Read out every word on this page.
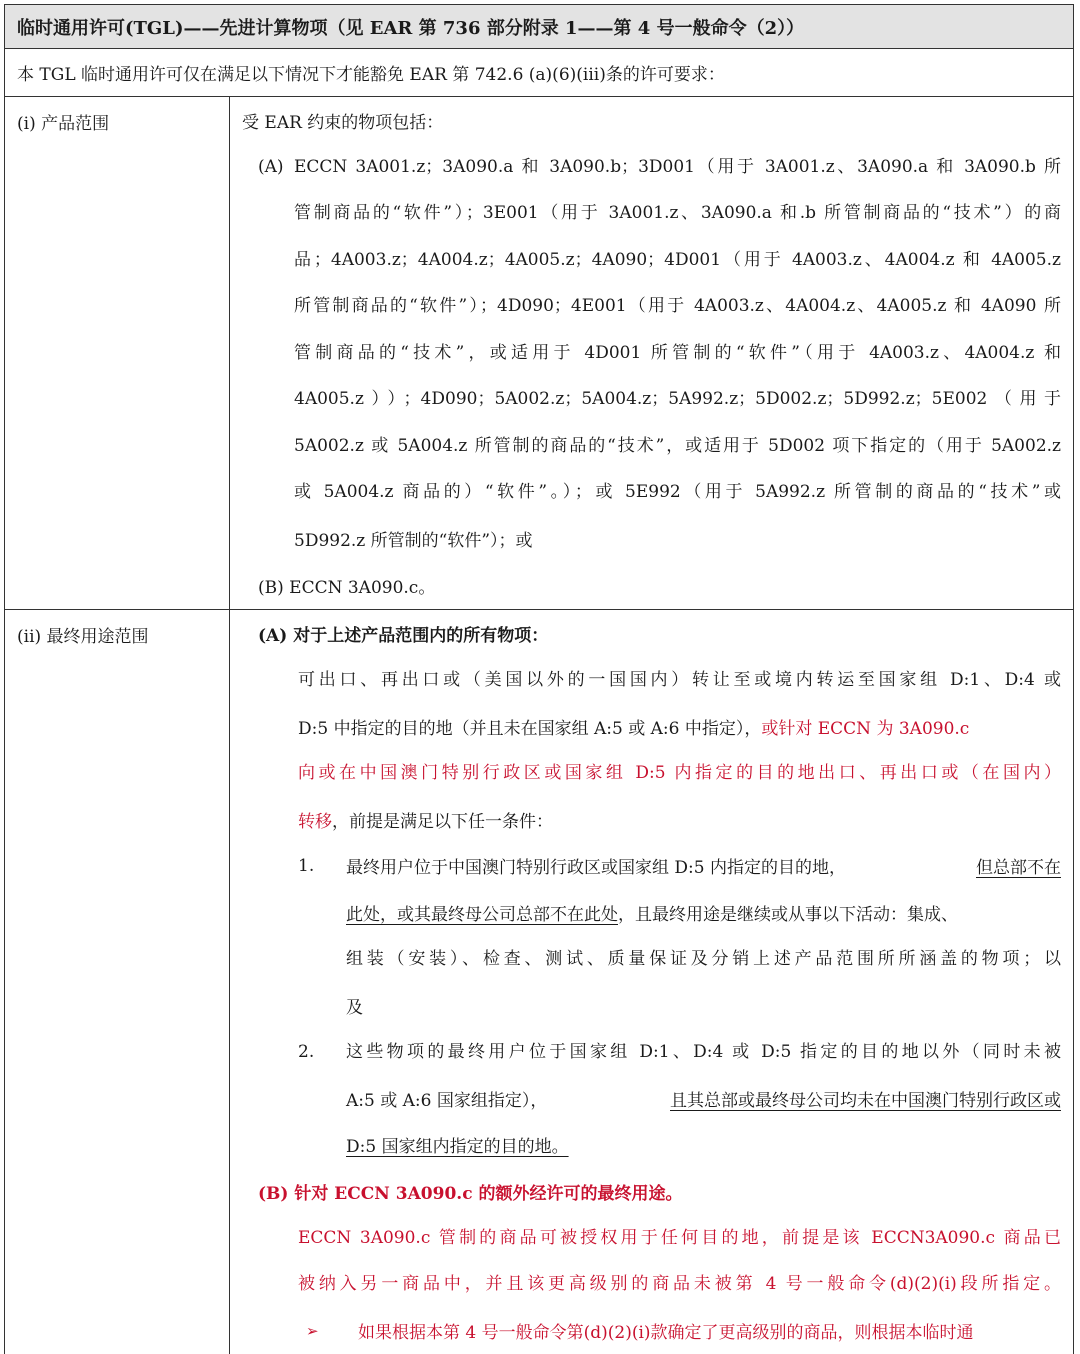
临时通用许可(TGL)——先进计算物项（见 EAR 第 736 部分附录 1——第 4 号一般命令（2））
本 TGL 临时通用许可仅在满足以下情况下才能豁免 EAR 第 742.6 (a)(6)(iii)条的许可要求：
(i) 产品范围	受 EAR 约束的物项包括：
(A) ECCN 3A001.z；3A090.a 和 3A090.b；3D001（用于 3A001.z、3A090.a 和 3A090.b 所
管制商品的“软件”）；3E001（用于 3A001.z、3A090.a 和.b 所管制商品的“技术”）的商
品；4A003.z；4A004.z；4A005.z；4A090；4D001（用于 4A003.z、4A004.z 和 4A005.z
所管制商品的“软件”）；4D090；4E001（用于 4A003.z、4A004.z、4A005.z 和 4A090 所
管制商品的“技术”，或适用于 4D001 所管制的“软件”（用于 4A003.z、4A004.z 和
4A005.z））；4D090；5A002.z；5A004.z；5A992.z；5D002.z；5D992.z；5E002（用于
5A002.z 或 5A004.z 所管制的商品的“技术”，或适用于 5D002 项下指定的（用于 5A002.z
或 5A004.z 商品的）“软件”。）；或 5E992（用于 5A992.z 所管制的商品的“技术”或
5D992.z 所管制的“软件”）；或
(B) ECCN 3A090.c。
(ii) 最终用途范围	(A) 对于上述产品范围内的所有物项：
可出口、再出口或（美国以外的一国国内）转让至或境内转运至国家组 D:1、D:4 或
D:5 中指定的目的地（并且未在国家组 A:5 或 A:6 中指定）， 或针对 ECCN 为 3A090.c
向或在中国澳门特别行政区或国家组 D:5 内指定的目的地出口、再出口或（在国内）
转移 ，前提是满足以下任一条件：
1.	最终用户位于中国澳门特别行政区或国家组 D:5 内指定的目的地，	但总部不在
此处，或其最终母公司总部不在此处 ，且最终用途是继续或从事以下活动：集成、
组装（安装）、检查、测试、质量保证及分销上述产品范围所所涵盖的物项；以
及
2.	这些物项的最终用户位于国家组 D:1、D:4 或 D:5 指定的目的地以外（同时未被
A:5 或 A:6 国家组指定），	且其总部或最终母公司均未在中国澳门特别行政区或
D:5 国家组内指定的目的地。
(B) 针对 ECCN 3A090.c 的额外经许可的最终用途。
ECCN 3A090.c 管制的商品可被授权用于任何目的地，前提是该 ECCN3A090.c 商品已
被纳入另一商品中，并且该更高级别的商品未被第 4 号一般命令(d)(2)(i)段所指定。
➢	如果根据本第 4 号一般命令第(d)(2)(i)款确定了更高级别的商品，则根据本临时通
